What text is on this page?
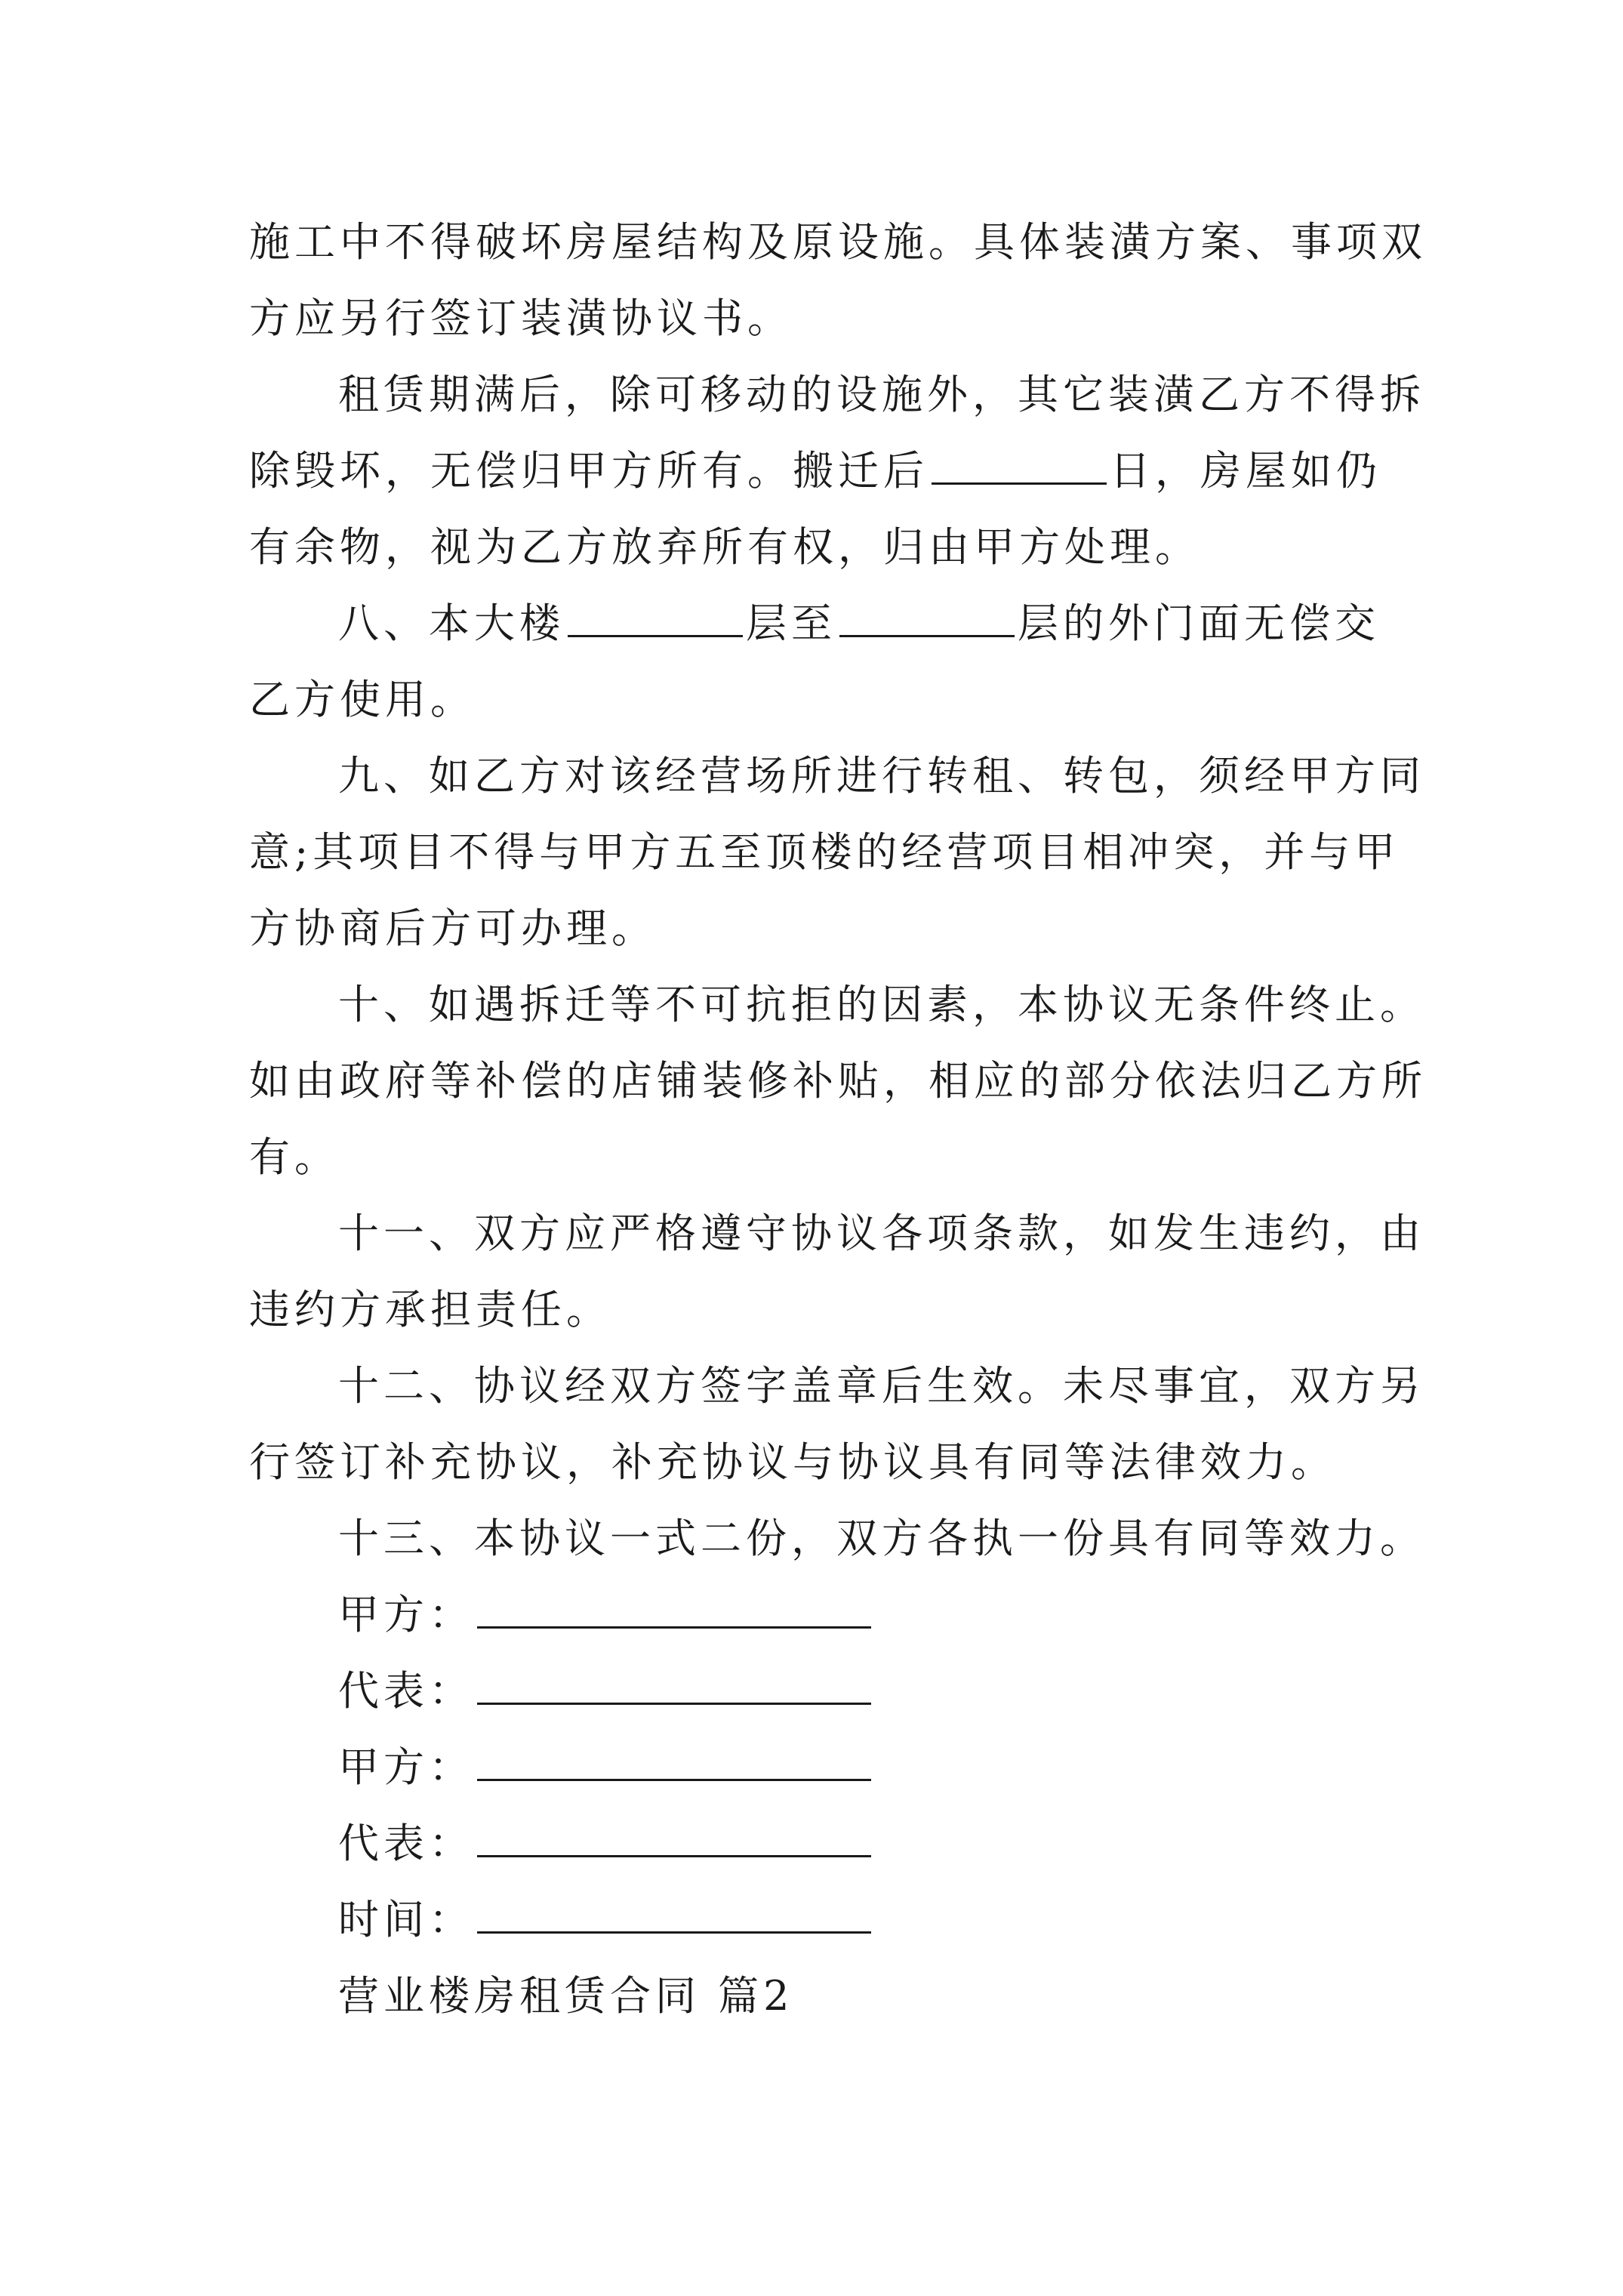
施工中不得破坏房屋结构及原设施。具体装潢方案、事项双
方应另行签订装潢协议书。
租赁期满后，除可移动的设施外，其它装潢乙方不得拆
除毁坏，无偿归甲方所有。搬迁后	日，房屋如仍
有余物，视为乙方放弃所有权，归由甲方处理。
八、本大楼	层至	层的外门面无偿交
乙方使用。
九、如乙方对该经营场所进行转租、转包，须经甲方同
意;其项目不得与甲方五至顶楼的经营项目相冲突，并与甲
方协商后方可办理。
十、如遇拆迁等不可抗拒的因素，本协议无条件终止。
如由政府等补偿的店铺装修补贴，相应的部分依法归乙方所
有。
十一、双方应严格遵守协议各项条款，如发生违约，由
违约方承担责任。
十二、协议经双方签字盖章后生效。未尽事宜，双方另
行签订补充协议，补充协议与协议具有同等法律效力。
十三、本协议一式二份，双方各执一份具有同等效力。
甲方：
代表：
甲方：
代表：
时间：
营业楼房租赁合同 篇2
